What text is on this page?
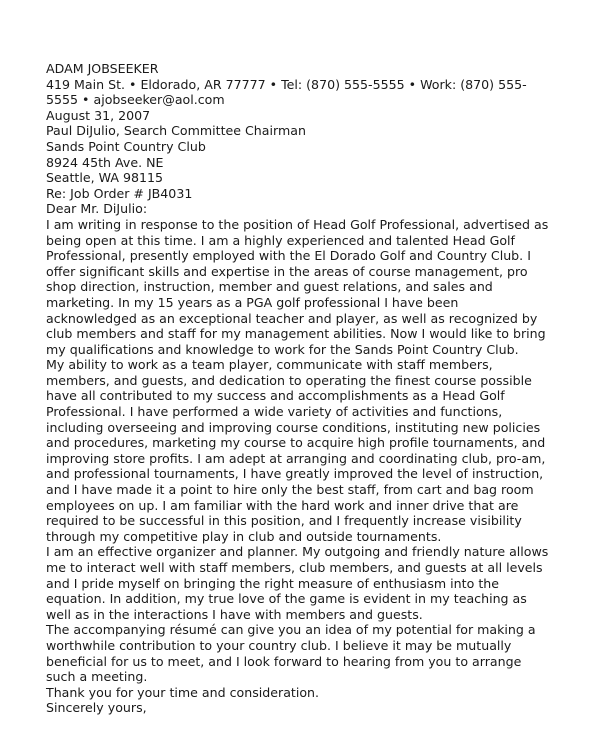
ADAM JOBSEEKER
419 Main St. • Eldorado, AR 77777 • Tel: (870) 555-5555 • Work: (870) 555-
5555 • ajobseeker@aol.com
August 31, 2007
Paul DiJulio, Search Committee Chairman
Sands Point Country Club
8924 45th Ave. NE
Seattle, WA 98115
Re: Job Order # JB4031
Dear Mr. DiJulio:
I am writing in response to the position of Head Golf Professional, advertised as
being open at this time. I am a highly experienced and talented Head Golf
Professional, presently employed with the El Dorado Golf and Country Club. I
offer significant skills and expertise in the areas of course management, pro
shop direction, instruction, member and guest relations, and sales and
marketing. In my 15 years as a PGA golf professional I have been
acknowledged as an exceptional teacher and player, as well as recognized by
club members and staff for my management abilities. Now I would like to bring
my qualifications and knowledge to work for the Sands Point Country Club.
My ability to work as a team player, communicate with staff members,
members, and guests, and dedication to operating the finest course possible
have all contributed to my success and accomplishments as a Head Golf
Professional. I have performed a wide variety of activities and functions,
including overseeing and improving course conditions, instituting new policies
and procedures, marketing my course to acquire high profile tournaments, and
improving store profits. I am adept at arranging and coordinating club, pro-am,
and professional tournaments, I have greatly improved the level of instruction,
and I have made it a point to hire only the best staff, from cart and bag room
employees on up. I am familiar with the hard work and inner drive that are
required to be successful in this position, and I frequently increase visibility
through my competitive play in club and outside tournaments.
I am an effective organizer and planner. My outgoing and friendly nature allows
me to interact well with staff members, club members, and guests at all levels
and I pride myself on bringing the right measure of enthusiasm into the
equation. In addition, my true love of the game is evident in my teaching as
well as in the interactions I have with members and guests.
The accompanying résumé can give you an idea of my potential for making a
worthwhile contribution to your country club. I believe it may be mutually
beneficial for us to meet, and I look forward to hearing from you to arrange
such a meeting.
Thank you for your time and consideration.
Sincerely yours,
